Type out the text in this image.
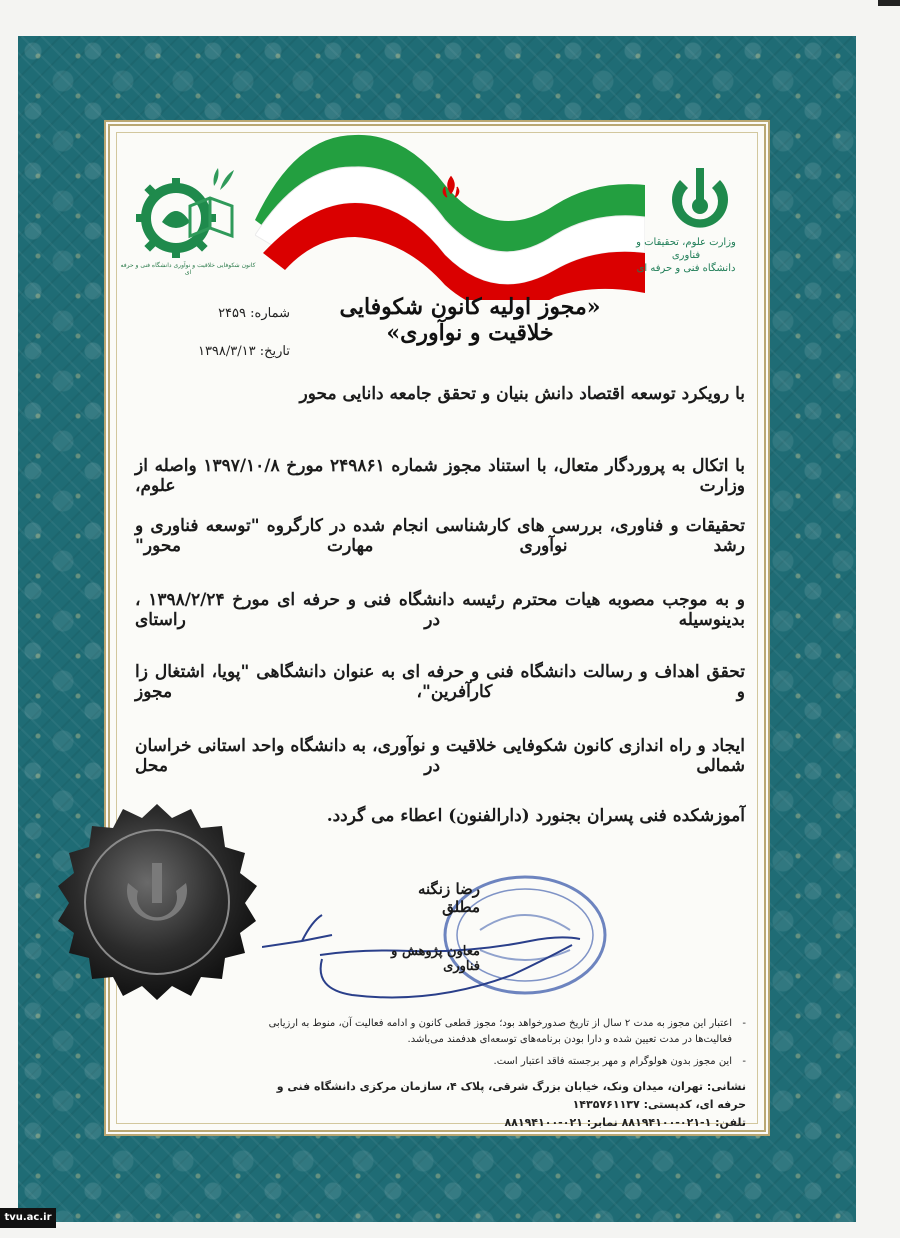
کانون شکوفایی خلاقیت و نوآوری دانشگاه فنی و حرفه ای
وزارت علوم، تحقیقات و فناوری
دانشگاه فنی و حرفه ای
«مجوز اولیه کانون شکوفایی خلاقیت و نوآوری»
شماره: ۲۴۵۹
تاریخ: ۱۳۹۸/۳/۱۳
با رویکرد توسعه اقتصاد دانش بنیان و تحقق جامعه دانایی محور
با اتکال به پروردگار متعال، با استناد مجوز شماره ۲۴۹۸۶۱ مورخ ۱۳۹۷/۱۰/۸ واصله از وزارت علوم،
تحقیقات و فناوری، بررسی های کارشناسی انجام شده در کارگروه "توسعه فناوری و رشد نوآوری مهارت محور"
و به موجب مصوبه هیات محترم رئیسه دانشگاه فنی و حرفه ای مورخ ۱۳۹۸/۲/۲۴ ، بدینوسیله در راستای
تحقق اهداف و رسالت دانشگاه فنی و حرفه ای به عنوان دانشگاهی "پویا، اشتغال زا و کارآفرین"، مجوز
ایجاد و راه اندازی کانون شکوفایی خلاقیت و نوآوری، به دانشگاه واحد استانی خراسان شمالی در محل
آموزشکده فنی پسران بجنورد (دارالفنون) اعطاء می گردد.
رضا زنگنه مطلق
معاون پژوهش و فناوری
- اعتبار این مجوز به مدت ۲ سال از تاریخ صدورخواهد بود؛ مجوز قطعی کانون و ادامه فعالیت آن، منوط به ارزیابی فعالیت‌ها در مدت تعیین شده و دارا بودن برنامه‌های توسعه‌ای هدفمند می‌باشد.
- این مجوز بدون هولوگرام و مهر برجسته فاقد اعتبار است.
نشانی: تهران، میدان ونک، خیابان بزرگ شرقی، پلاک ۴، سازمان مرکزی دانشگاه فنی و حرفه ای، کدپستی: ۱۴۳۵۷۶۱۱۳۷
تلفن: ۱-۰۲۱-۸۸۱۹۴۱۰۰ نمابر: ۰۲۱-۸۸۱۹۴۱۰۰
tvu.ac.ir
